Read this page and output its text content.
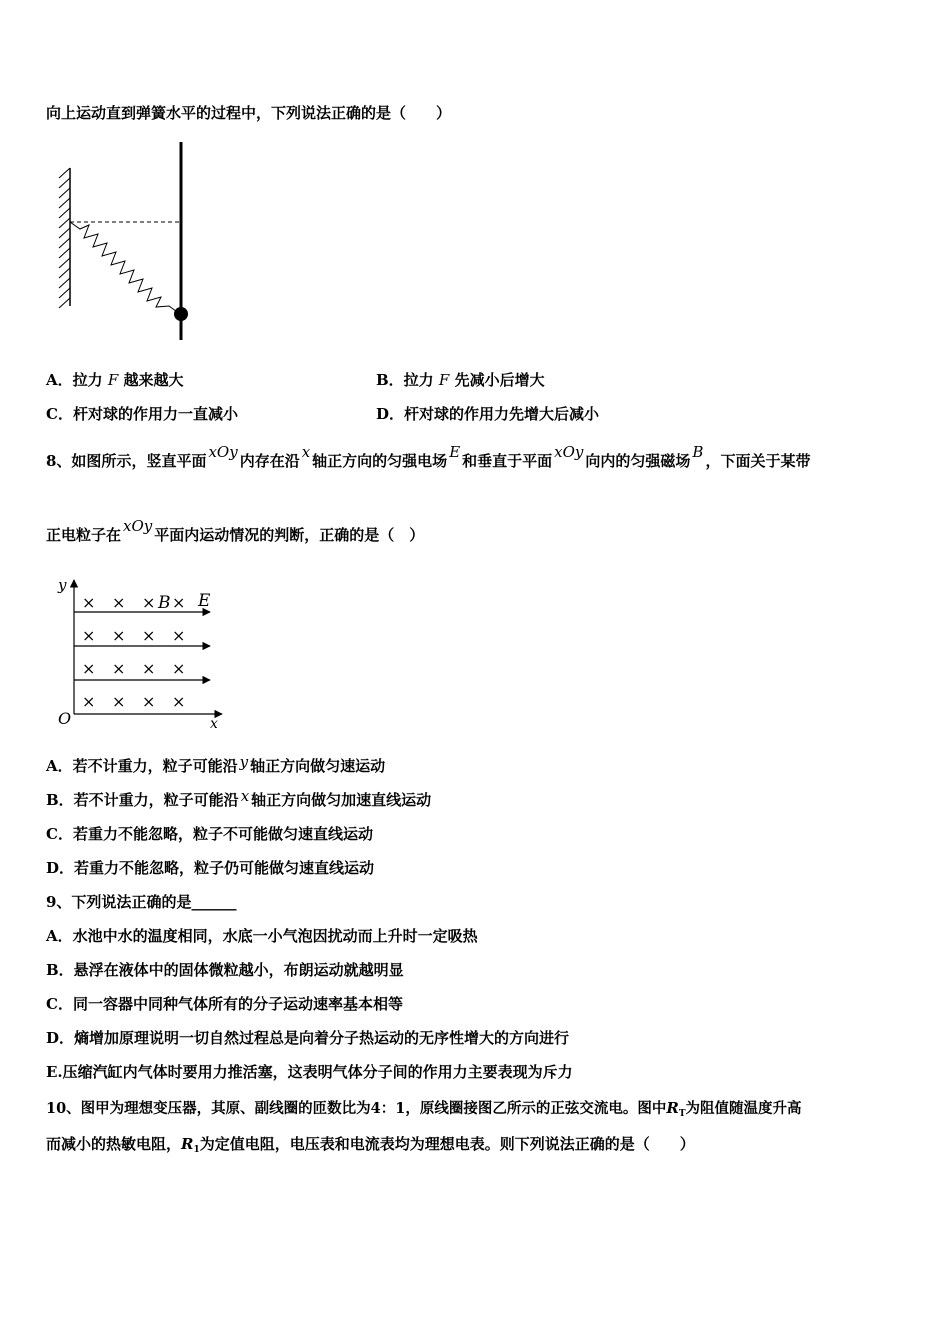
向上运动直到弹簧水平的过程中，下列说法正确的是（　　）
A．拉力 F 越来越大	B．拉力 F 先减小后增大
C．杆对球的作用力一直减小	D．杆对球的作用力先增大后减小
8、如图所示，竖直平面 xOy 内存在沿 x 轴正方向的匀强电场 E 和垂直于平面 xOy 向内的匀强磁场 B ，下面关于某带
正电粒子在 xOy 平面内运动情况的判断，正确的是（　）
y
O	x
E
B
× × × ×
× × × ×
× × × ×
× × × ×
A．若不计重力，粒子可能沿 y 轴正方向做匀速运动
B．若不计重力，粒子可能沿 x 轴正方向做匀加速直线运动
C．若重力不能忽略，粒子不可能做匀速直线运动
D．若重力不能忽略，粒子仍可能做匀速直线运动
9、下列说法正确的是______
A．水池中水的温度相同，水底一小气泡因扰动而上升时一定吸热
B．悬浮在液体中的固体微粒越小，布朗运动就越明显
C．同一容器中同种气体所有的分子运动速率基本相等
D．熵增加原理说明一切自然过程总是向着分子热运动的无序性增大的方向进行
E.压缩汽缸内气体时要用力推活塞，这表明气体分子间的作用力主要表现为斥力
10、图甲为理想变压器，其原、副线圈的匝数比为4：1，原线圈接图乙所示的正弦交流电。图中$R_T$为阻值随温度升高
而减小的热敏电阻，$R_1$为定值电阻，电压表和电流表均为理想电表。则下列说法正确的是（　　）
